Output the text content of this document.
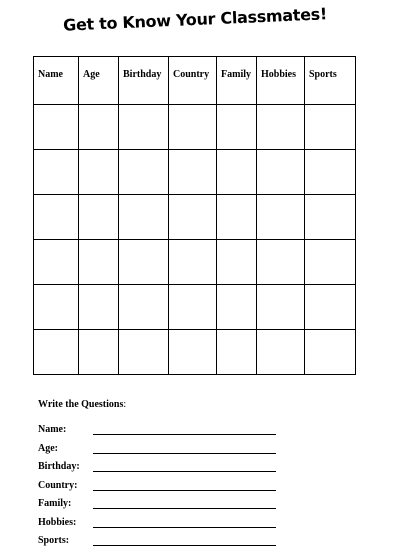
Get to Know Your Classmates!
Name	Age	Birthday	Country	Family	Hobbies	Sports

Write the Questions:
Name:
Age:
Birthday:
Country:
Family:
Hobbies:
Sports:
